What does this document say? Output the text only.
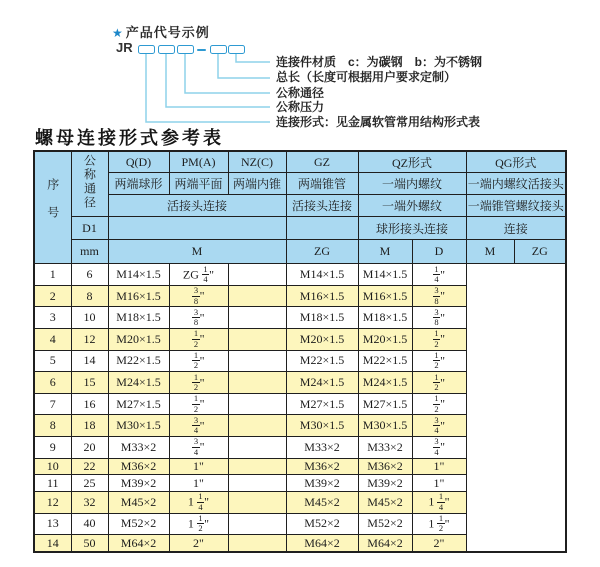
★ 产品代号示例
JR
连接件材质　c：为碳钢　b：为不锈钢
总长（长度可根据用户要求定制）
公称通径
公称压力
连接形式：见金属软管常用结构形式表
螺母连接形式参考表
序号	公称通径	Q(D)	PM(A)	NZ(C)	GZ	QZ形式		QG形式	
		两端球形	两端平面	两端内锥	两端锥管	一端内螺纹		一端内螺纹活接头	
		活接头连接			活接头连接	一端外螺纹		一端锥管螺纹接头	
	D1					球形接头连接		连接	
	mm	M			ZG	M	D	M	ZG
1	6	M14×1.5	ZG $\frac{1}{4}$ "		M14×1.5	M14×1.5	$\frac{1}{4}$ "		
2	8	M16×1.5	$\frac{3}{8}$ "		M16×1.5	M16×1.5	$\frac{3}{8}$ "		
3	10	M18×1.5	$\frac{3}{8}$ "		M18×1.5	M18×1.5	$\frac{3}{8}$ "		
4	12	M20×1.5	$\frac{1}{2}$ "		M20×1.5	M20×1.5	$\frac{1}{2}$ "		
5	14	M22×1.5	$\frac{1}{2}$ "		M22×1.5	M22×1.5	$\frac{1}{2}$ "		
6	15	M24×1.5	$\frac{1}{2}$ "		M24×1.5	M24×1.5	$\frac{1}{2}$ "		
7	16	M27×1.5	$\frac{1}{2}$ "		M27×1.5	M27×1.5	$\frac{1}{2}$ "		
8	18	M30×1.5	$\frac{3}{4}$ "		M30×1.5	M30×1.5	$\frac{3}{4}$ "		
9	20	M33×2	$\frac{3}{4}$ "		M33×2	M33×2	$\frac{3}{4}$ "		
10	22	M36×2	1"		M36×2	M36×2	1"		
11	25	M39×2	1"		M39×2	M39×2	1"		
12	32	M45×2	$1 \frac{1}{4}$ "		M45×2	M45×2	$1 \frac{1}{4}$ "		
13	40	M52×2	$1 \frac{1}{2}$ "		M52×2	M52×2	$1 \frac{1}{2}$ "		
14	50	M64×2	2"		M64×2	M64×2	2"		
